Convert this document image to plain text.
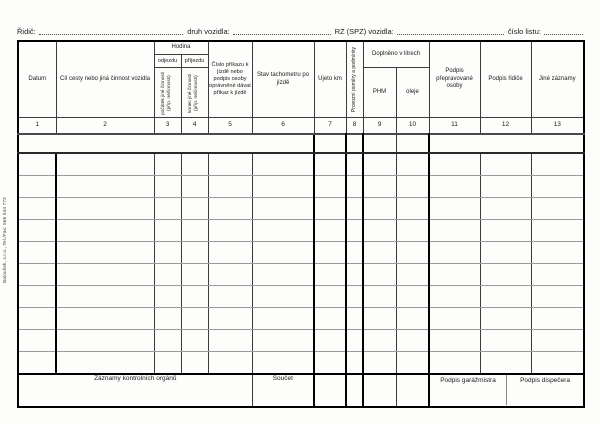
Řidič:	druh vozidla:	RZ (SPZ) vozidla:	číslo listu:
Baloušek, s.r.o., Tel./Fax: 566 544 773
Datum	Cíl cesty nebo jiná činnost vozidla	Hodina		Číslo příkazu k jízdě nebo podpis osoby oprávněné dávat příkaz k jízdě	Stav tachometru po jízdě	Ujeto km	Provozní poměry a podmínky	Doplněno v litrech		Podpis přepravované osoby	Podpis řidiče	Jiné záznamy
		odjezdu	příjezdu									

		počátek jiné činnosti (příp. nečinnosti)	konec jiné činnosti (příp. nečinnosti)					PHM	oleje			
1	2	3	4	5	6	7	8	9	10	11	12	13

Záznamy kontrolních orgánů					Součet					Podpis garážmistra Podpis dispečera		
